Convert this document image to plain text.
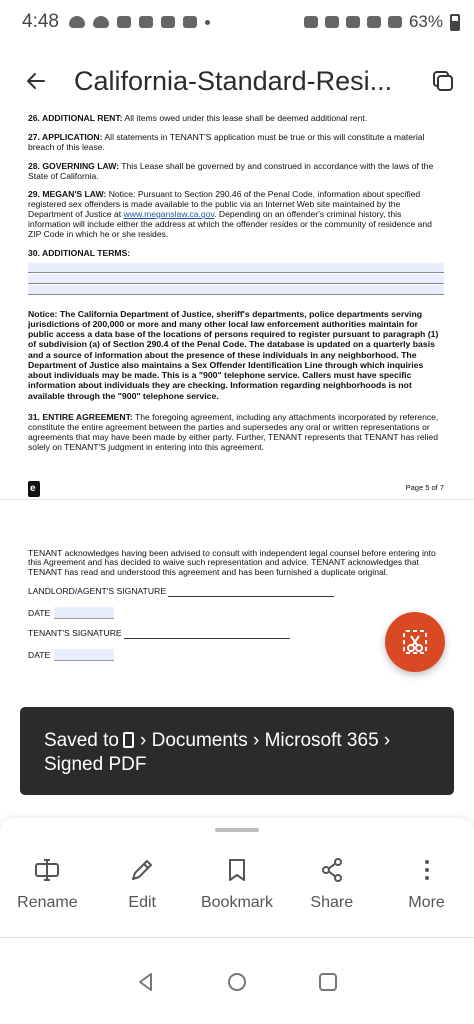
4:48	63%
California-Standard-Resi...

26. ADDITIONAL RENT: All items owed under this lease shall be deemed additional rent.

27. APPLICATION: All statements in TENANT'S application must be true or this will constitute a material breach of this lease.

28. GOVERNING LAW: This Lease shall be governed by and construed in accordance with the laws of the State of California.

29. MEGAN'S LAW: Notice: Pursuant to Section 290.46 of the Penal Code, information about specified registered sex offenders is made available to the public via an Internet Web site maintained by the Department of Justice at www.meganslaw.ca.gov. Depending on an offender's criminal history, this information will include either the address at which the offender resides or the community of residence and ZIP Code in which he or she resides.

30. ADDITIONAL TERMS:

Notice: The California Department of Justice, sheriff's departments, police departments serving jurisdictions of 200,000 or more and many other local law enforcement authorities maintain for public access a data base of the locations of persons required to register pursuant to paragraph (1) of subdivision (a) of Section 290.4 of the Penal Code. The database is updated on a quarterly basis and a source of information about the presence of these individuals in any neighborhood. The Department of Justice also maintains a Sex Offender Identification Line through which inquiries about individuals may be made. This is a "900" telephone service. Callers must have specific information about individuals they are checking. Information regarding neighborhoods is not available through the "900" telephone service.

31. ENTIRE AGREEMENT: The foregoing agreement, including any attachments incorporated by reference, constitute the entire agreement between the parties and supersedes any oral or written representations or agreements that may have been made by either party. Further, TENANT represents that TENANT has relied solely on TENANT'S judgment in entering into this agreement.

e
Page 5 of 7

TENANT acknowledges having been advised to consult with independent legal counsel before entering into this Agreement and has decided to waive such representation and advice. TENANT acknowledges that TENANT has read and understood this agreement and has been furnished a duplicate original.

LANDLORD/AGENT'S SIGNATURE
DATE
TENANT'S SIGNATURE
DATE
Saved to › Documents › Microsoft 365 ›
Signed PDF
Rename	Edit	Bookmark Share	More
